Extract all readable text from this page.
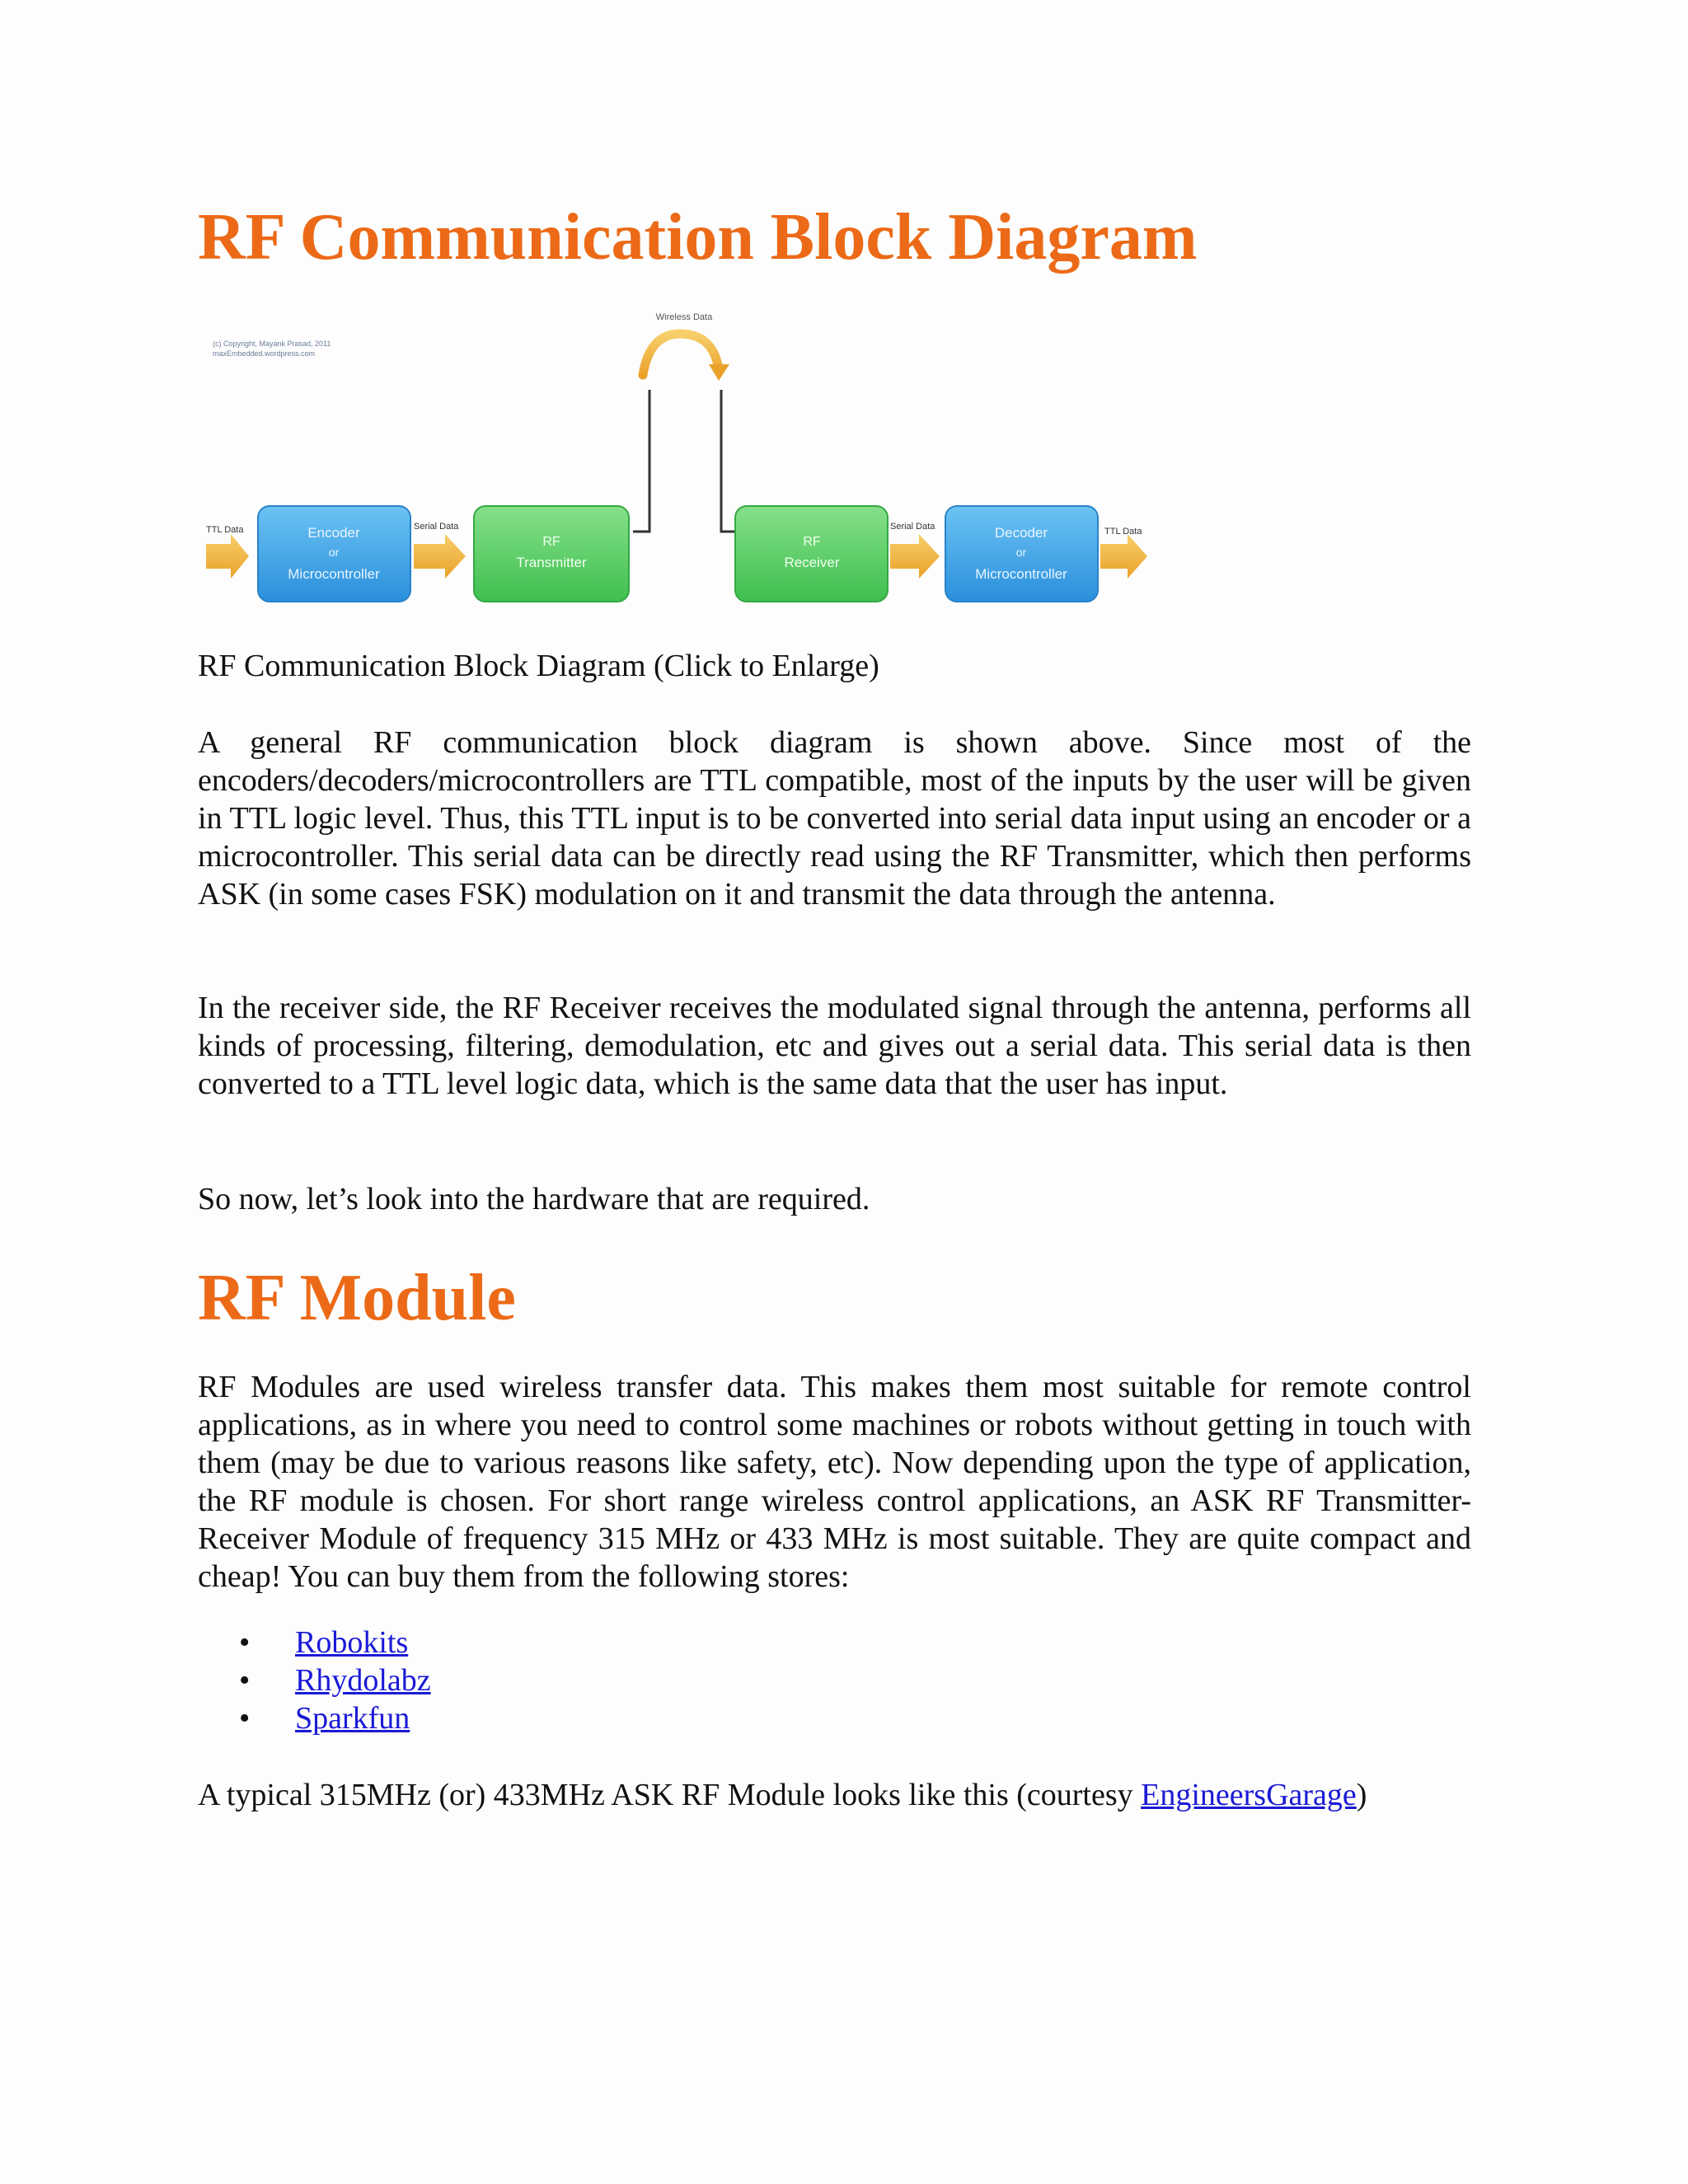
RF Communication Block Diagram
(c) Copyright, Mayank Prasad, 2011
maxEmbedded.wordpress.com
Wireless Data
TTL Data	Encoder
or
Microcontroller
Serial Data
RF
Transmitter
RF
Receiver
Serial Data	Decoder
or
Microcontroller
TTL Data
RF Communication Block Diagram (Click to Enlarge)

A general RF communication block diagram is shown above. Since most of the encoders/decoders/microcontrollers are TTL compatible, most of the inputs by the user will be given in TTL logic level. Thus, this TTL input is to be converted into serial data input using an encoder or a microcontroller. This serial data can be directly read using the RF Transmitter, which then performs ASK (in some cases FSK) modulation on it and transmit the data through the antenna.

In the receiver side, the RF Receiver receives the modulated signal through the antenna, performs all kinds of processing, filtering, demodulation, etc and gives out a serial data. This serial data is then converted to a TTL level logic data, which is the same data that the user has input.

So now, let’s look into the hardware that are required.

RF Module

RF Modules are used wireless transfer data. This makes them most suitable for remote control applications, as in where you need to control some machines or robots without getting in touch with them (may be due to various reasons like safety, etc). Now depending upon the type of application, the RF module is chosen. For short range wireless control applications, an ASK RF Transmitter-Receiver Module of frequency 315 MHz or 433 MHz is most suitable. They are quite compact and cheap! You can buy them from the following stores:

• Robokits
• Rhydolabz
• Sparkfun
A typical 315MHz (or) 433MHz ASK RF Module looks like this (courtesy EngineersGarage)
